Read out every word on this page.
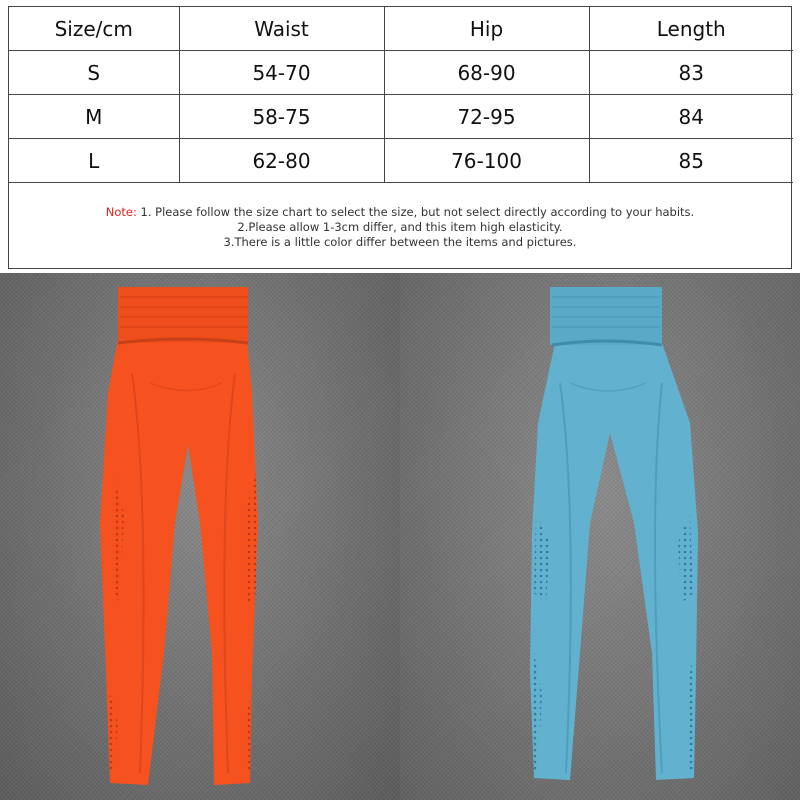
Size/cm	Waist	Hip	Length
S	54-70	68-90	83
M	58-75	72-95	84
L	62-80	76-100	85
Note: 1. Please follow the size chart to select the size, but not select directly according to your habits.
2.Please allow 1-3cm differ, and this item high elasticity.
3.There is a little color differ between the items and pictures.
